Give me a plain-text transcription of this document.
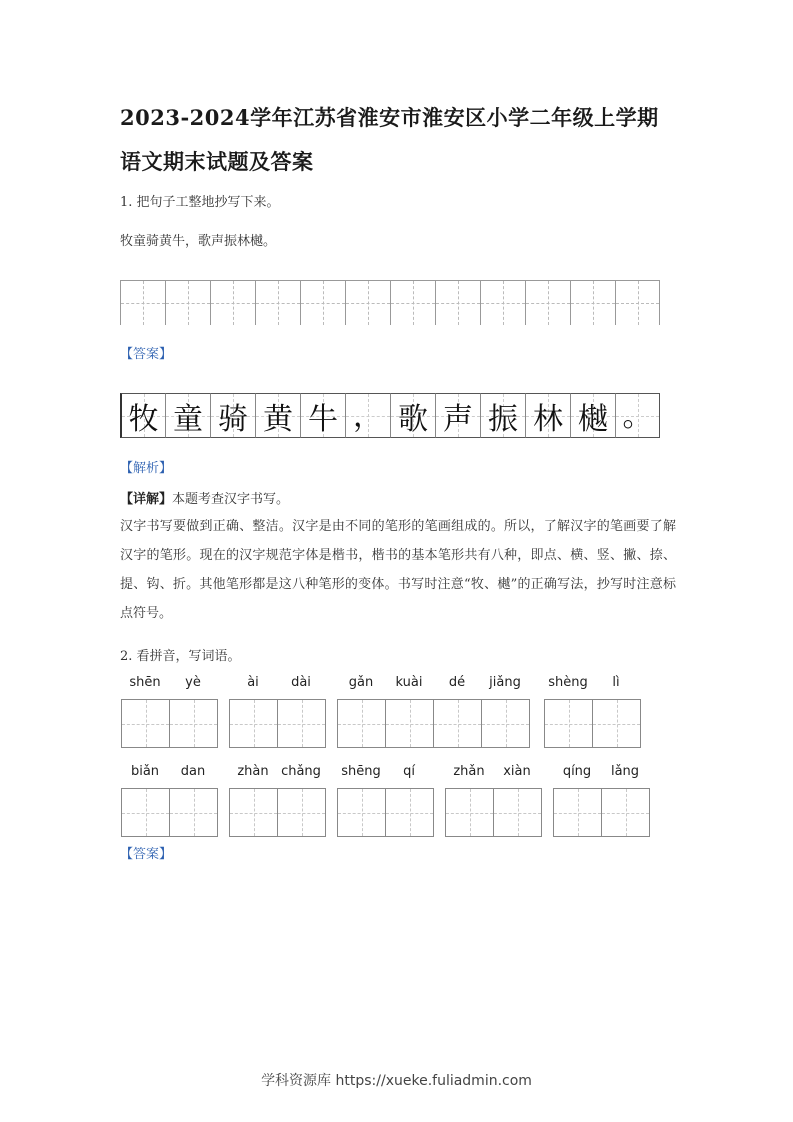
2023-2024学年江苏省淮安市淮安区小学二年级上学期语文期末试题及答案
1. 把句子工整地抄写下来。
牧童骑黄牛，歌声振林樾。
【答案】
牧 童 骑 黄 牛 ， 歌 声 振 林 樾 。
【解析】
【详解】本题考查汉字书写。
汉字书写要做到正确、整洁。汉字是由不同的笔形的笔画组成的。所以，了解汉字的笔画要了解汉字的笔形。现在的汉字规范字体是楷书，楷书的基本笔形共有八种，即点、横、竖、撇、捺、提、钩、折。其他笔形都是这八种笔形的变体。书写时注意“牧、樾”的正确写法，抄写时注意标点符号。
2. 看拼音，写词语。
shēn yè	ài dài	gǎn kuài dé jiǎng shèng lì
biǎn dan zhàn chǎng shēng qí	zhǎn xiàn qíng lǎng
【答案】
学科资源库 https://xueke.fuliadmin.com
